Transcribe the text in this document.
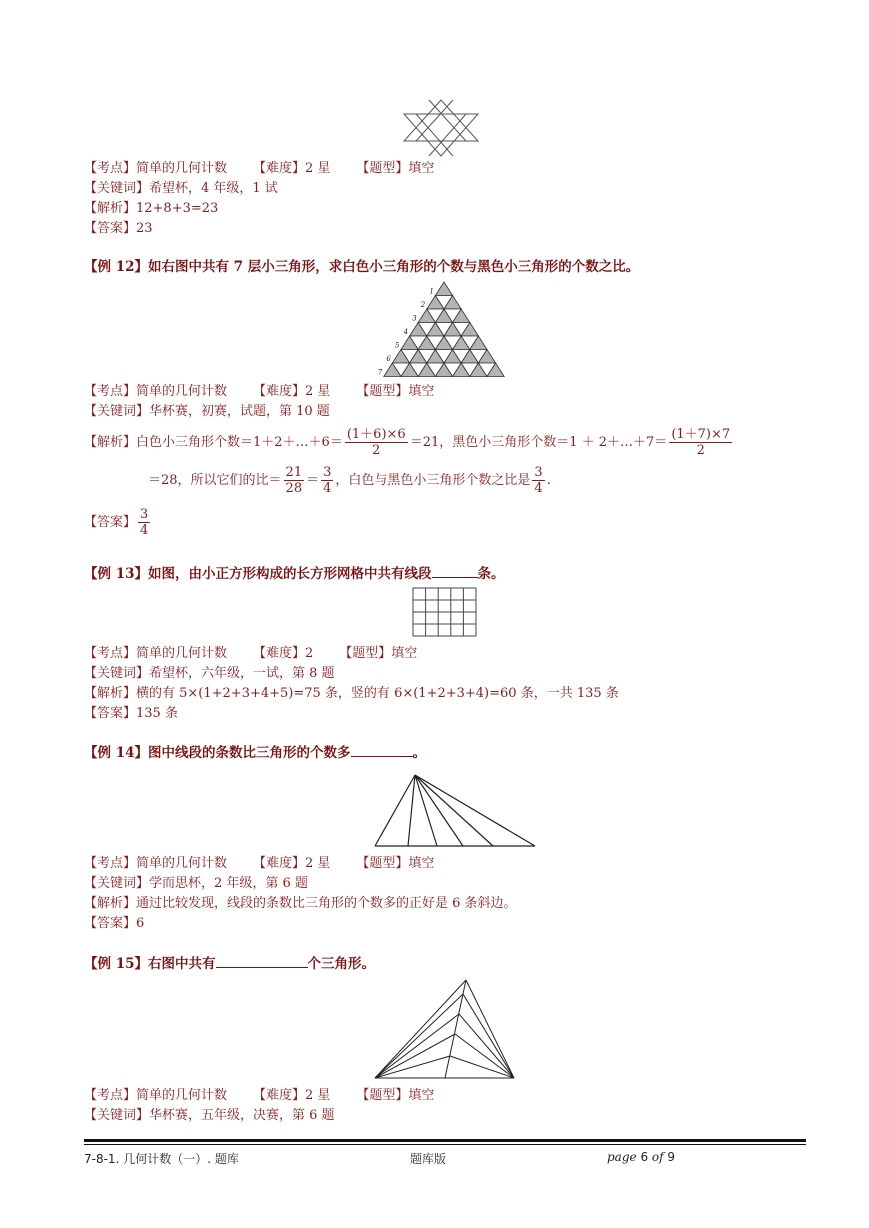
【考点】简单的几何计数 【难度】2 星 【题型】填空
【关键词】希望杯，4 年级，1 试
【解析】12+8+3=23
【答案】23
【例 12】如右图中共有 7 层小三角形，求白色小三角形的个数与黑色小三角形的个数之比。
1
2
3
4
5
6
7
【考点】简单的几何计数 【难度】2 星 【题型】填空
【关键词】华杯赛，初赛，试题，第 10 题
【解析】白色小三角形个数＝1＋2＋…＋6＝ $\frac{(1+6)\times 6}{2} =21$，黑色小三角形个数＝1 ＋ 2＋…＋7＝ $\frac{(1+7)\times 7}{2}$
＝28，所以它们的比＝ $\frac{21}{28} = \frac{3}{4}$ ，白色与黑色小三角形个数之比是 $\frac{3}{4}$ .
【答案】 $\frac{3}{4}$
【例 13】如图，由小正方形构成的长方形网格中共有线段	条。
【考点】简单的几何计数 【难度】2 【题型】填空
【关键词】希望杯，六年级，一试，第 8 题
【解析】横的有 5×(1+2+3+4+5)=75 条，竖的有 6×(1+2+3+4)=60 条，一共 135 条
【答案】135 条
【例 14】图中线段的条数比三角形的个数多	。
【考点】简单的几何计数 【难度】2 星 【题型】填空
【关键词】学而思杯，2 年级，第 6 题
【解析】通过比较发现，线段的条数比三角形的个数多的正好是 6 条斜边。
【答案】6
【例 15】右图中共有	个三角形。
【考点】简单的几何计数 【难度】2 星 【题型】填空
【关键词】华杯赛，五年级，决赛，第 6 题
7-8-1. 几何计数（一）. 题库	题库版	page 6 of 9
